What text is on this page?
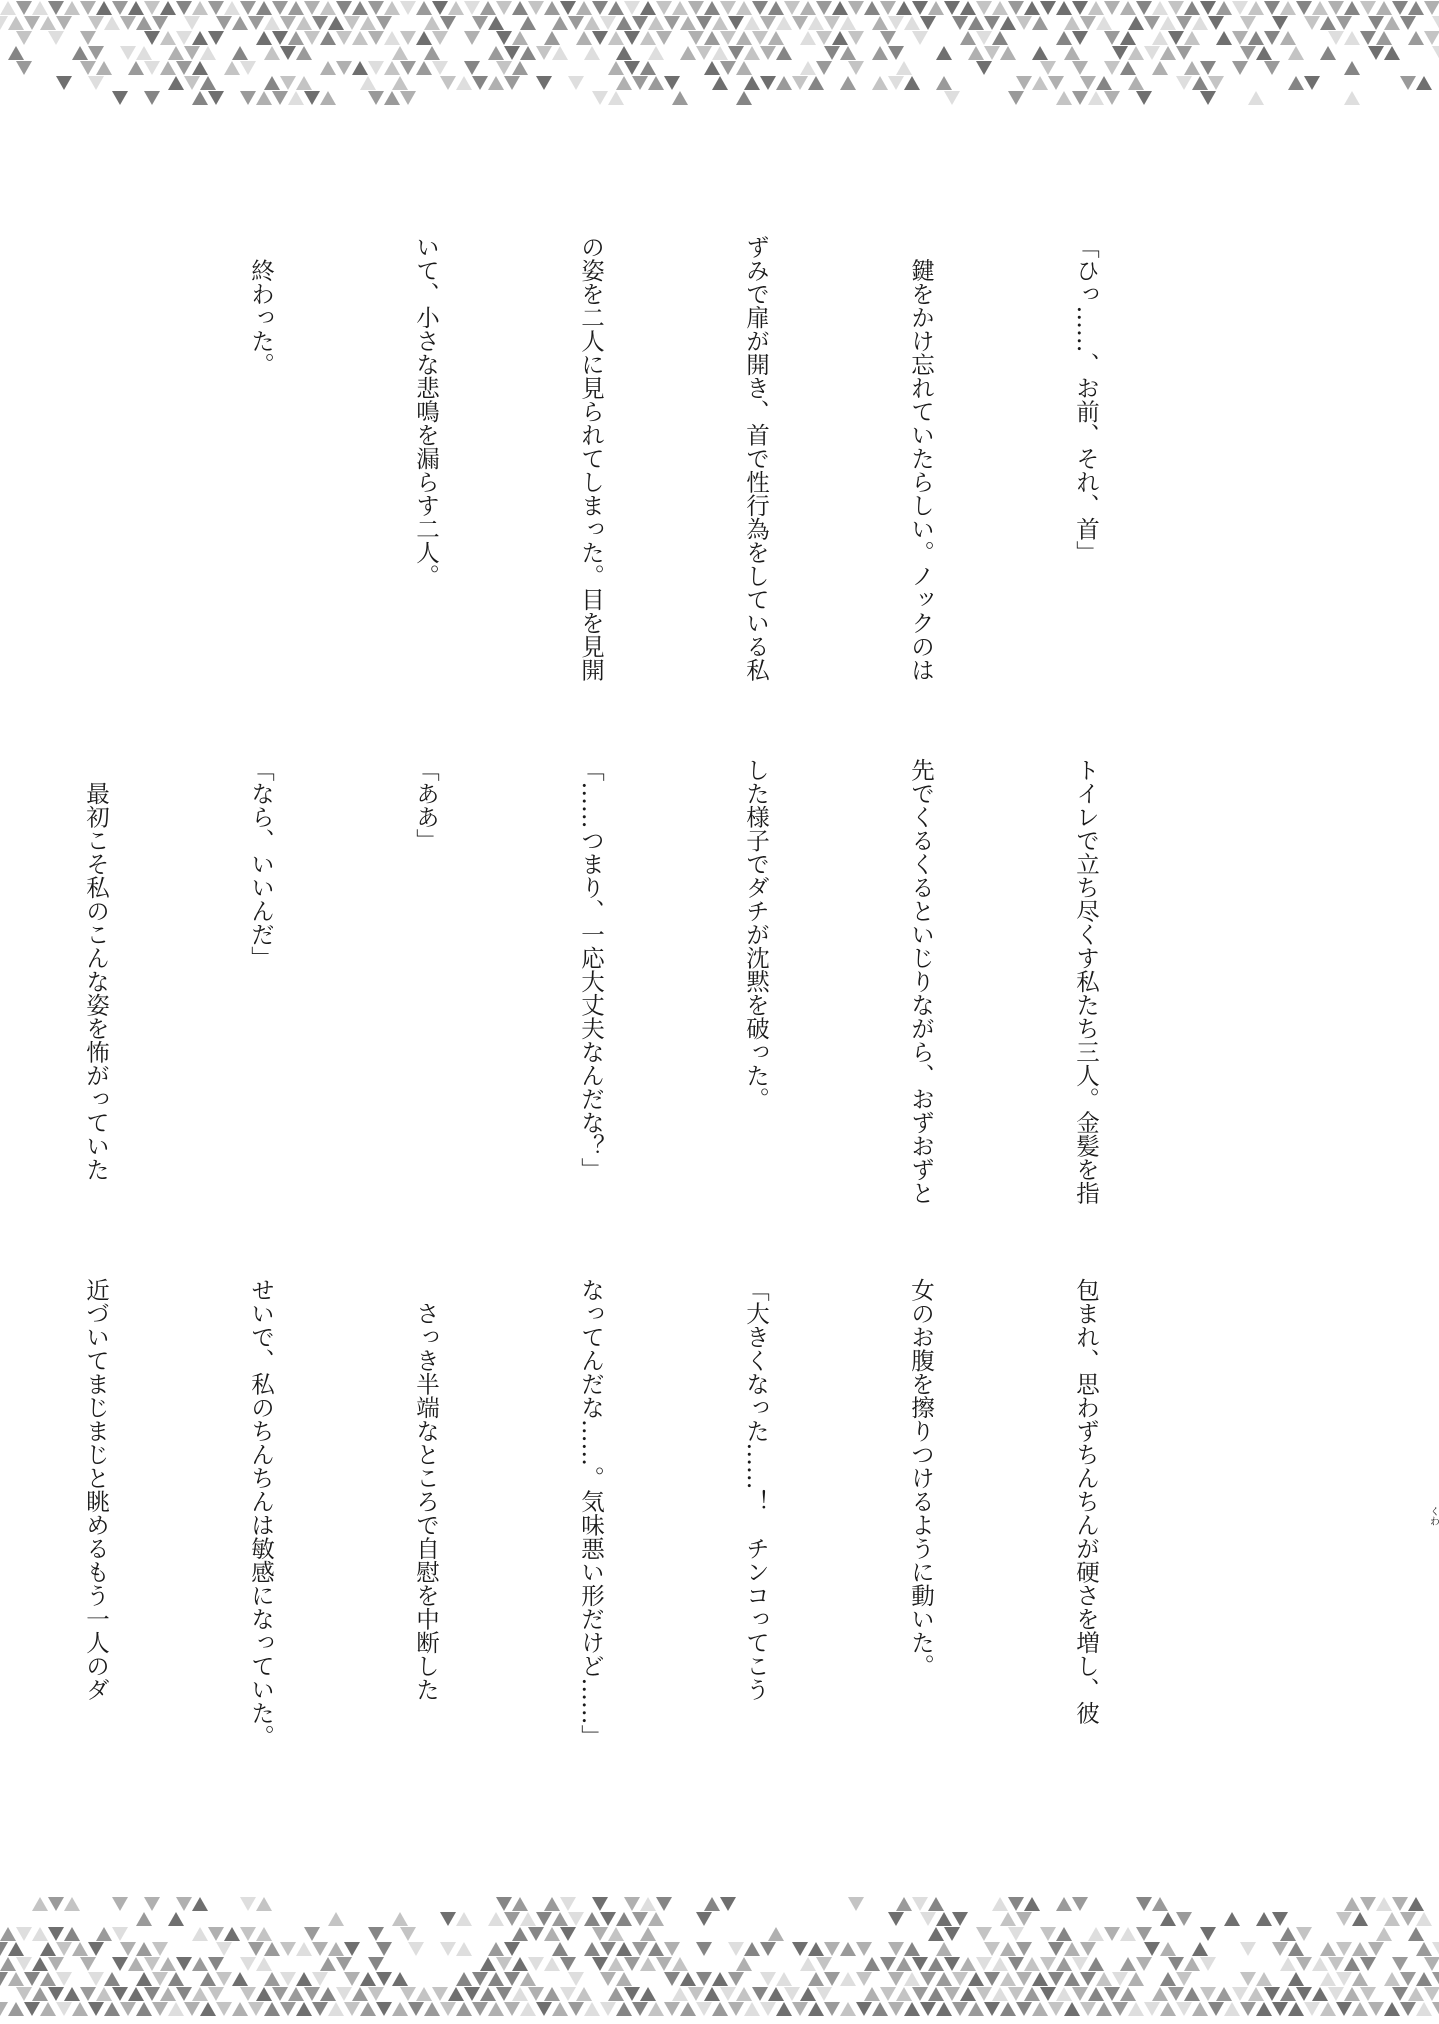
「ひっ……、お前、それ、首」

　鍵をかけ忘れていたらしい。ノックのは

ずみで扉が開き、首で性行為をしている私

の姿を二人に見られてしまった。目を見開

いて、小さな悲鳴を漏らす二人。

　終わった。

トイレで立ち尽くす私たち三人。金髪を指

先でくるくるといじりながら、おずおずと

した様子でダチが沈黙を破った。

「……つまり、一応大丈夫なんだな？」

「ああ」

「なら、いいんだ」

　最初こそ私のこんな姿を怖がっていた

包まれ、思わずちんちんが硬さを増し、彼

女のお腹を擦りつけるように動いた。

「大きくなった……！　チンコってこう

なってんだな……。気味悪い形だけど……」

　さっき半端なところで自慰を中断した

せいで、私のちんちんは敏感になっていた。

近づいてまじまじと眺めるもう一人のダ

	くわ
